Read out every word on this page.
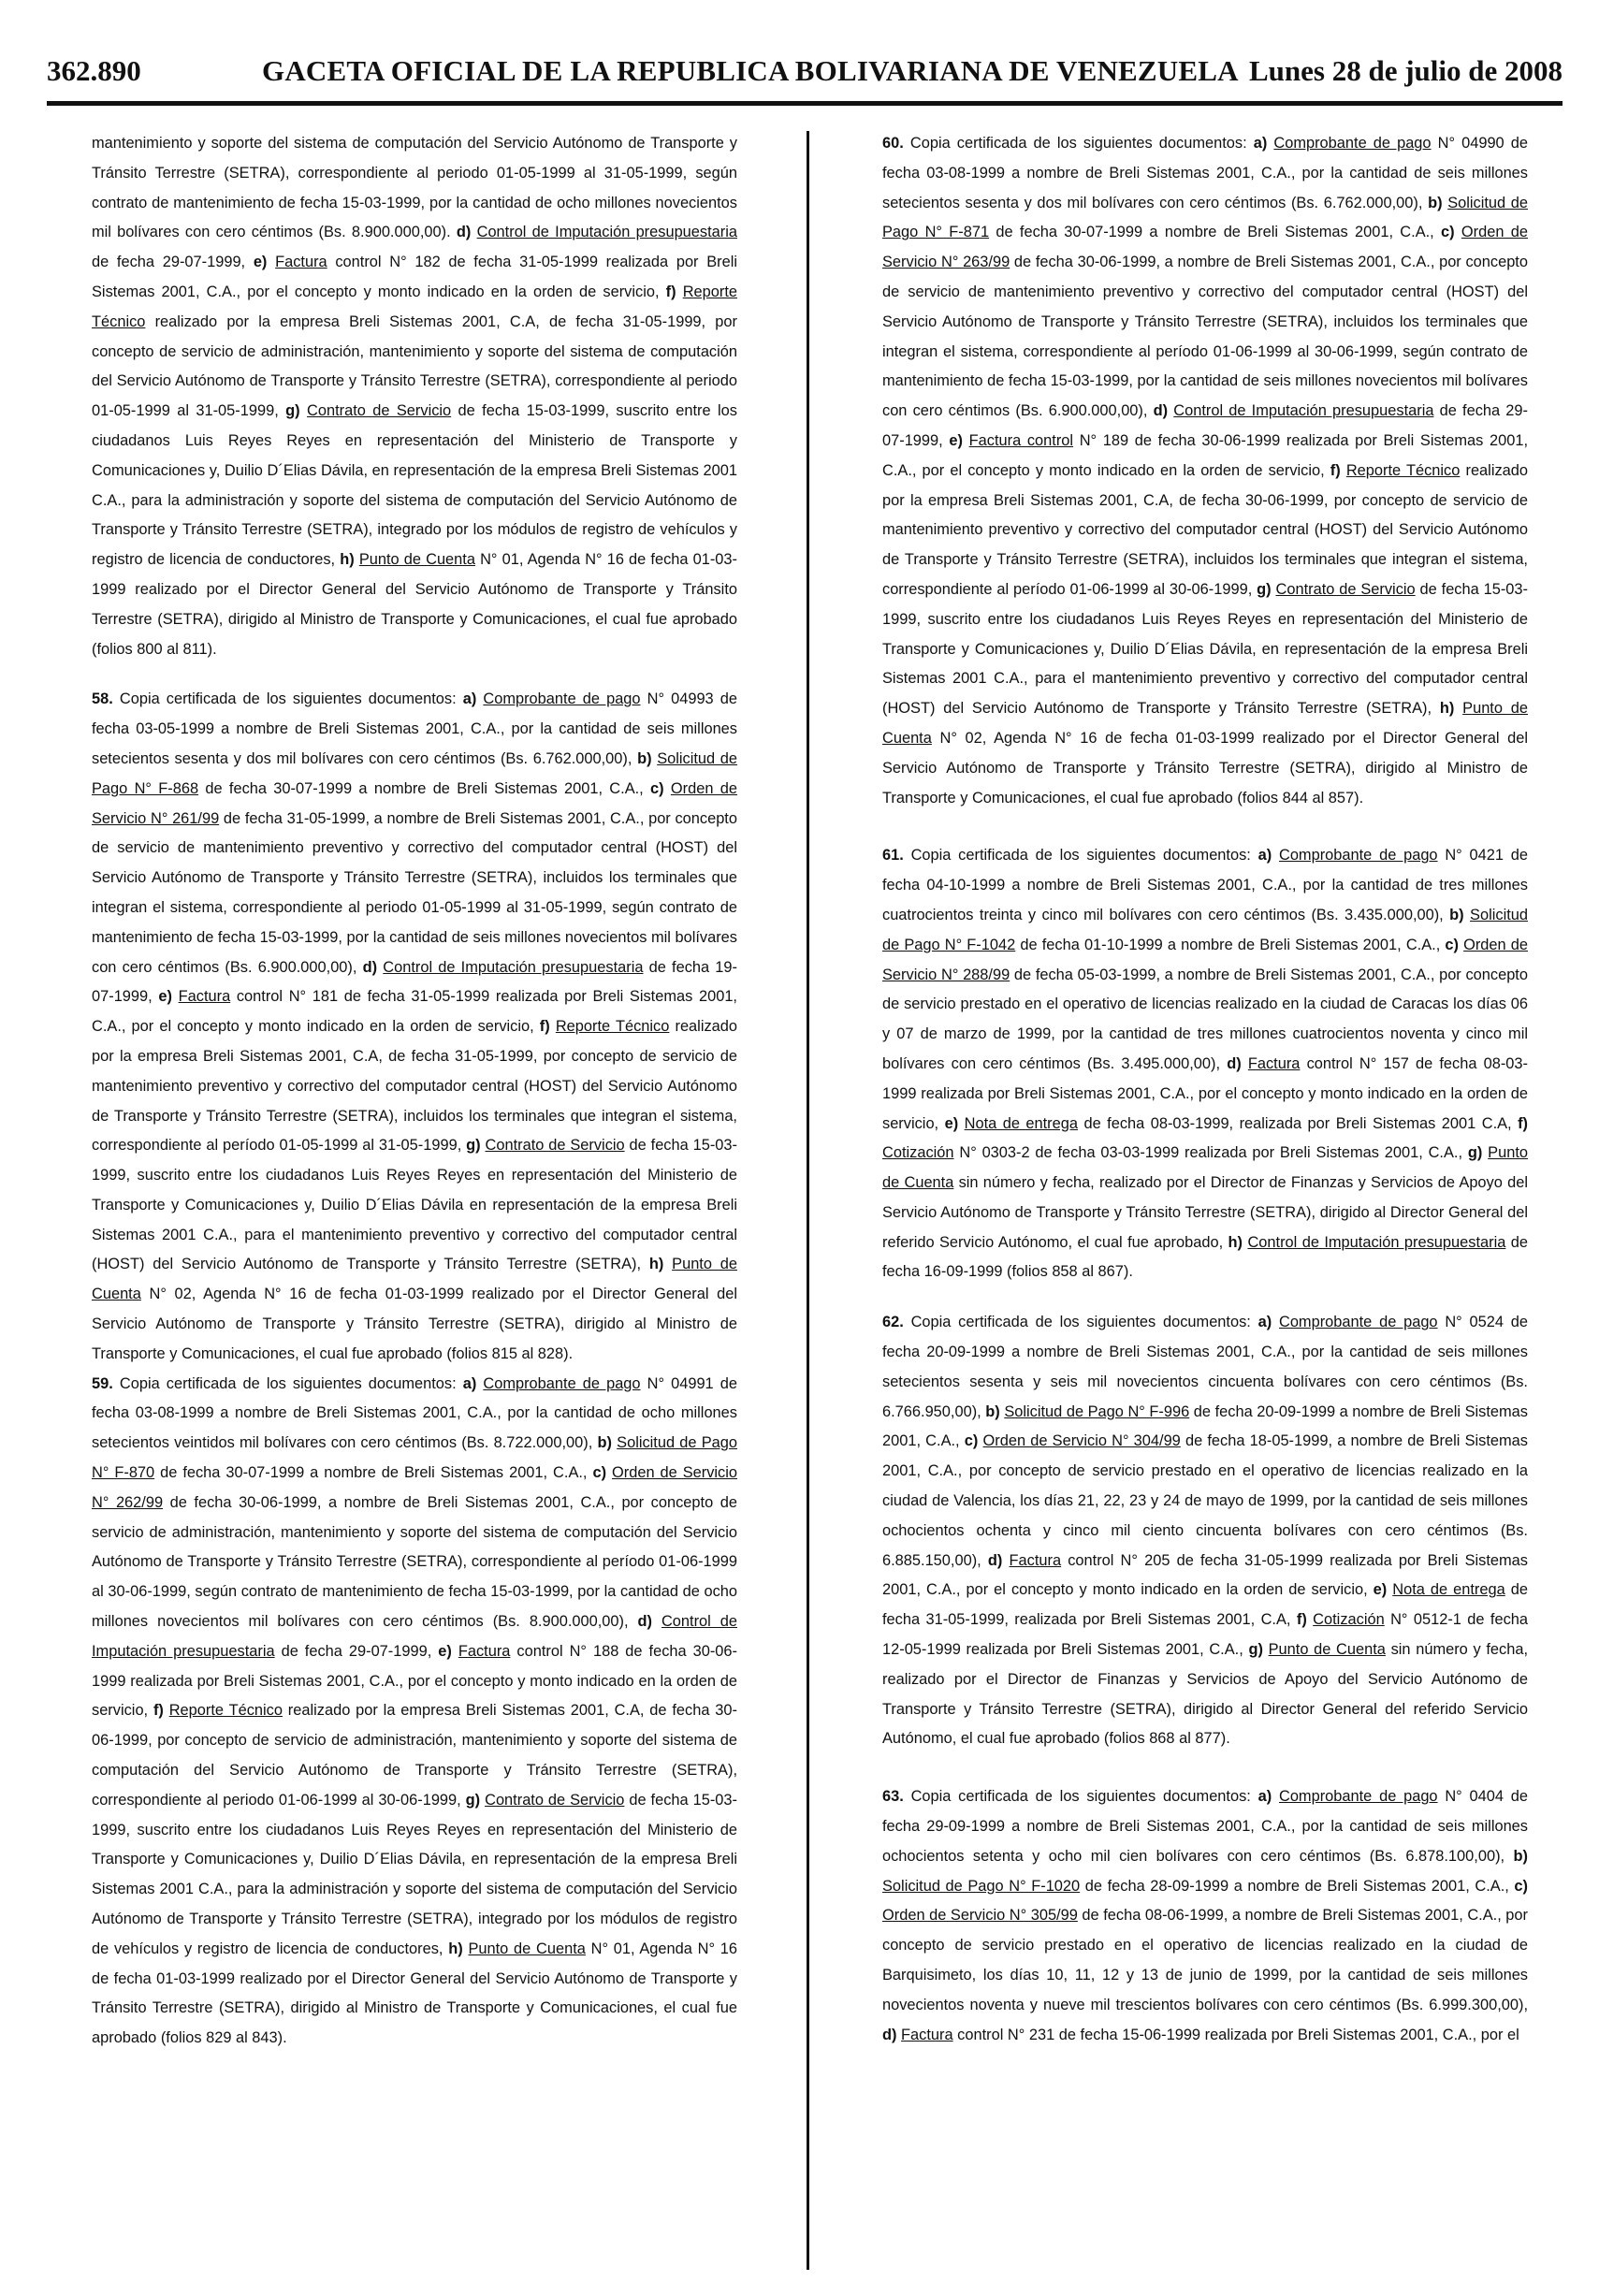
362.890	GACETA OFICIAL DE LA REPUBLICA BOLIVARIANA DE VENEZUELA Lunes 28 de julio de 2008

mantenimiento y soporte del sistema de computación del Servicio Autónomo de Transporte y Tránsito Terrestre (SETRA), correspondiente al periodo 01-05-1999 al 31-05-1999, según contrato de mantenimiento de fecha 15-03-1999, por la cantidad de ocho millones novecientos mil bolívares con cero céntimos (Bs. 8.900.000,00). d) Control de Imputación presupuestaria de fecha 29-07-1999, e) Factura control N° 182 de fecha 31-05-1999 realizada por Breli Sistemas 2001, C.A., por el concepto y monto indicado en la orden de servicio, f) Reporte Técnico realizado por la empresa Breli Sistemas 2001, C.A, de fecha 31-05-1999, por concepto de servicio de administración, mantenimiento y soporte del sistema de computación del Servicio Autónomo de Transporte y Tránsito Terrestre (SETRA), correspondiente al periodo 01-05-1999 al 31-05-1999, g) Contrato de Servicio de fecha 15-03-1999, suscrito entre los ciudadanos Luis Reyes Reyes en representación del Ministerio de Transporte y Comunicaciones y, Duilio D´Elias Dávila, en representación de la empresa Breli Sistemas 2001 C.A., para la administración y soporte del sistema de computación del Servicio Autónomo de Transporte y Tránsito Terrestre (SETRA), integrado por los módulos de registro de vehículos y registro de licencia de conductores, h) Punto de Cuenta N° 01, Agenda N° 16 de fecha 01-03-1999 realizado por el Director General del Servicio Autónomo de Transporte y Tránsito Terrestre (SETRA), dirigido al Ministro de Transporte y Comunicaciones, el cual fue aprobado (folios 800 al 811).

58. Copia certificada de los siguientes documentos: a) Comprobante de pago N° 04993 de fecha 03-05-1999 a nombre de Breli Sistemas 2001, C.A., por la cantidad de seis millones setecientos sesenta y dos mil bolívares con cero céntimos (Bs. 6.762.000,00), b) Solicitud de Pago N° F-868 de fecha 30-07-1999 a nombre de Breli Sistemas 2001, C.A., c) Orden de Servicio N° 261/99 de fecha 31-05-1999, a nombre de Breli Sistemas 2001, C.A., por concepto de servicio de mantenimiento preventivo y correctivo del computador central (HOST) del Servicio Autónomo de Transporte y Tránsito Terrestre (SETRA), incluidos los terminales que integran el sistema, correspondiente al periodo 01-05-1999 al 31-05-1999, según contrato de mantenimiento de fecha 15-03-1999, por la cantidad de seis millones novecientos mil bolívares con cero céntimos (Bs. 6.900.000,00), d) Control de Imputación presupuestaria de fecha 19-07-1999, e) Factura control N° 181 de fecha 31-05-1999 realizada por Breli Sistemas 2001, C.A., por el concepto y monto indicado en la orden de servicio, f) Reporte Técnico realizado por la empresa Breli Sistemas 2001, C.A, de fecha 31-05-1999, por concepto de servicio de mantenimiento preventivo y correctivo del computador central (HOST) del Servicio Autónomo de Transporte y Tránsito Terrestre (SETRA), incluidos los terminales que integran el sistema, correspondiente al período 01-05-1999 al 31-05-1999, g) Contrato de Servicio de fecha 15-03-1999, suscrito entre los ciudadanos Luis Reyes Reyes en representación del Ministerio de Transporte y Comunicaciones y, Duilio D´Elias Dávila en representación de la empresa Breli Sistemas 2001 C.A., para el mantenimiento preventivo y correctivo del computador central (HOST) del Servicio Autónomo de Transporte y Tránsito Terrestre (SETRA), h) Punto de Cuenta N° 02, Agenda N° 16 de fecha 01-03-1999 realizado por el Director General del Servicio Autónomo de Transporte y Tránsito Terrestre (SETRA), dirigido al Ministro de Transporte y Comunicaciones, el cual fue aprobado (folios 815 al 828).

59. Copia certificada de los siguientes documentos: a) Comprobante de pago N° 04991 de fecha 03-08-1999 a nombre de Breli Sistemas 2001, C.A., por la cantidad de ocho millones setecientos veintidos mil bolívares con cero céntimos (Bs. 8.722.000,00), b) Solicitud de Pago N° F-870 de fecha 30-07-1999 a nombre de Breli Sistemas 2001, C.A., c) Orden de Servicio N° 262/99 de fecha 30-06-1999, a nombre de Breli Sistemas 2001, C.A., por concepto de servicio de administración, mantenimiento y soporte del sistema de computación del Servicio Autónomo de Transporte y Tránsito Terrestre (SETRA), correspondiente al período 01-06-1999 al 30-06-1999, según contrato de mantenimiento de fecha 15-03-1999, por la cantidad de ocho millones novecientos mil bolívares con cero céntimos (Bs. 8.900.000,00), d) Control de Imputación presupuestaria de fecha 29-07-1999, e) Factura control N° 188 de fecha 30-06-1999 realizada por Breli Sistemas 2001, C.A., por el concepto y monto indicado en la orden de servicio, f) Reporte Técnico realizado por la empresa Breli Sistemas 2001, C.A, de fecha 30-06-1999, por concepto de servicio de administración, mantenimiento y soporte del sistema de computación del Servicio Autónomo de Transporte y Tránsito Terrestre (SETRA), correspondiente al periodo 01-06-1999 al 30-06-1999, g) Contrato de Servicio de fecha 15-03-1999, suscrito entre los ciudadanos Luis Reyes Reyes en representación del Ministerio de Transporte y Comunicaciones y, Duilio D´Elias Dávila, en representación de la empresa Breli Sistemas 2001 C.A., para la administración y soporte del sistema de computación del Servicio Autónomo de Transporte y Tránsito Terrestre (SETRA), integrado por los módulos de registro de vehículos y registro de licencia de conductores, h) Punto de Cuenta N° 01, Agenda N° 16 de fecha 01-03-1999 realizado por el Director General del Servicio Autónomo de Transporte y Tránsito Terrestre (SETRA), dirigido al Ministro de Transporte y Comunicaciones, el cual fue aprobado (folios 829 al 843).

60. Copia certificada de los siguientes documentos: a) Comprobante de pago N° 04990 de fecha 03-08-1999 a nombre de Breli Sistemas 2001, C.A., por la cantidad de seis millones setecientos sesenta y dos mil bolívares con cero céntimos (Bs. 6.762.000,00), b) Solicitud de Pago N° F-871 de fecha 30-07-1999 a nombre de Breli Sistemas 2001, C.A., c) Orden de Servicio N° 263/99 de fecha 30-06-1999, a nombre de Breli Sistemas 2001, C.A., por concepto de servicio de mantenimiento preventivo y correctivo del computador central (HOST) del Servicio Autónomo de Transporte y Tránsito Terrestre (SETRA), incluidos los terminales que integran el sistema, correspondiente al período 01-06-1999 al 30-06-1999, según contrato de mantenimiento de fecha 15-03-1999, por la cantidad de seis millones novecientos mil bolívares con cero céntimos (Bs. 6.900.000,00), d) Control de Imputación presupuestaria de fecha 29-07-1999, e) Factura control N° 189 de fecha 30-06-1999 realizada por Breli Sistemas 2001, C.A., por el concepto y monto indicado en la orden de servicio, f) Reporte Técnico realizado por la empresa Breli Sistemas 2001, C.A, de fecha 30-06-1999, por concepto de servicio de mantenimiento preventivo y correctivo del computador central (HOST) del Servicio Autónomo de Transporte y Tránsito Terrestre (SETRA), incluidos los terminales que integran el sistema, correspondiente al período 01-06-1999 al 30-06-1999, g) Contrato de Servicio de fecha 15-03-1999, suscrito entre los ciudadanos Luis Reyes Reyes en representación del Ministerio de Transporte y Comunicaciones y, Duilio D´Elias Dávila, en representación de la empresa Breli Sistemas 2001 C.A., para el mantenimiento preventivo y correctivo del computador central (HOST) del Servicio Autónomo de Transporte y Tránsito Terrestre (SETRA), h) Punto de Cuenta N° 02, Agenda N° 16 de fecha 01-03-1999 realizado por el Director General del Servicio Autónomo de Transporte y Tránsito Terrestre (SETRA), dirigido al Ministro de Transporte y Comunicaciones, el cual fue aprobado (folios 844 al 857).

61. Copia certificada de los siguientes documentos: a) Comprobante de pago N° 0421 de fecha 04-10-1999 a nombre de Breli Sistemas 2001, C.A., por la cantidad de tres millones cuatrocientos treinta y cinco mil bolívares con cero céntimos (Bs. 3.435.000,00), b) Solicitud de Pago N° F-1042 de fecha 01-10-1999 a nombre de Breli Sistemas 2001, C.A., c) Orden de Servicio N° 288/99 de fecha 05-03-1999, a nombre de Breli Sistemas 2001, C.A., por concepto de servicio prestado en el operativo de licencias realizado en la ciudad de Caracas los días 06 y 07 de marzo de 1999, por la cantidad de tres millones cuatrocientos noventa y cinco mil bolívares con cero céntimos (Bs. 3.495.000,00), d) Factura control N° 157 de fecha 08-03-1999 realizada por Breli Sistemas 2001, C.A., por el concepto y monto indicado en la orden de servicio, e) Nota de entrega de fecha 08-03-1999, realizada por Breli Sistemas 2001 C.A, f) Cotización N° 0303-2 de fecha 03-03-1999 realizada por Breli Sistemas 2001, C.A., g) Punto de Cuenta sin número y fecha, realizado por el Director de Finanzas y Servicios de Apoyo del Servicio Autónomo de Transporte y Tránsito Terrestre (SETRA), dirigido al Director General del referido Servicio Autónomo, el cual fue aprobado, h) Control de Imputación presupuestaria de fecha 16-09-1999 (folios 858 al 867).

62. Copia certificada de los siguientes documentos: a) Comprobante de pago N° 0524 de fecha 20-09-1999 a nombre de Breli Sistemas 2001, C.A., por la cantidad de seis millones setecientos sesenta y seis mil novecientos cincuenta bolívares con cero céntimos (Bs. 6.766.950,00), b) Solicitud de Pago N° F-996 de fecha 20-09-1999 a nombre de Breli Sistemas 2001, C.A., c) Orden de Servicio N° 304/99 de fecha 18-05-1999, a nombre de Breli Sistemas 2001, C.A., por concepto de servicio prestado en el operativo de licencias realizado en la ciudad de Valencia, los días 21, 22, 23 y 24 de mayo de 1999, por la cantidad de seis millones ochocientos ochenta y cinco mil ciento cincuenta bolívares con cero céntimos (Bs. 6.885.150,00), d) Factura control N° 205 de fecha 31-05-1999 realizada por Breli Sistemas 2001, C.A., por el concepto y monto indicado en la orden de servicio, e) Nota de entrega de fecha 31-05-1999, realizada por Breli Sistemas 2001, C.A, f) Cotización N° 0512-1 de fecha 12-05-1999 realizada por Breli Sistemas 2001, C.A., g) Punto de Cuenta sin número y fecha, realizado por el Director de Finanzas y Servicios de Apoyo del Servicio Autónomo de Transporte y Tránsito Terrestre (SETRA), dirigido al Director General del referido Servicio Autónomo, el cual fue aprobado (folios 868 al 877).

63. Copia certificada de los siguientes documentos: a) Comprobante de pago N° 0404 de fecha 29-09-1999 a nombre de Breli Sistemas 2001, C.A., por la cantidad de seis millones ochocientos setenta y ocho mil cien bolívares con cero céntimos (Bs. 6.878.100,00), b) Solicitud de Pago N° F-1020 de fecha 28-09-1999 a nombre de Breli Sistemas 2001, C.A., c) Orden de Servicio N° 305/99 de fecha 08-06-1999, a nombre de Breli Sistemas 2001, C.A., por concepto de servicio prestado en el operativo de licencias realizado en la ciudad de Barquisimeto, los días 10, 11, 12 y 13 de junio de 1999, por la cantidad de seis millones novecientos noventa y nueve mil trescientos bolívares con cero céntimos (Bs. 6.999.300,00), d) Factura control N° 231 de fecha 15-06-1999 realizada por Breli Sistemas 2001, C.A., por el
